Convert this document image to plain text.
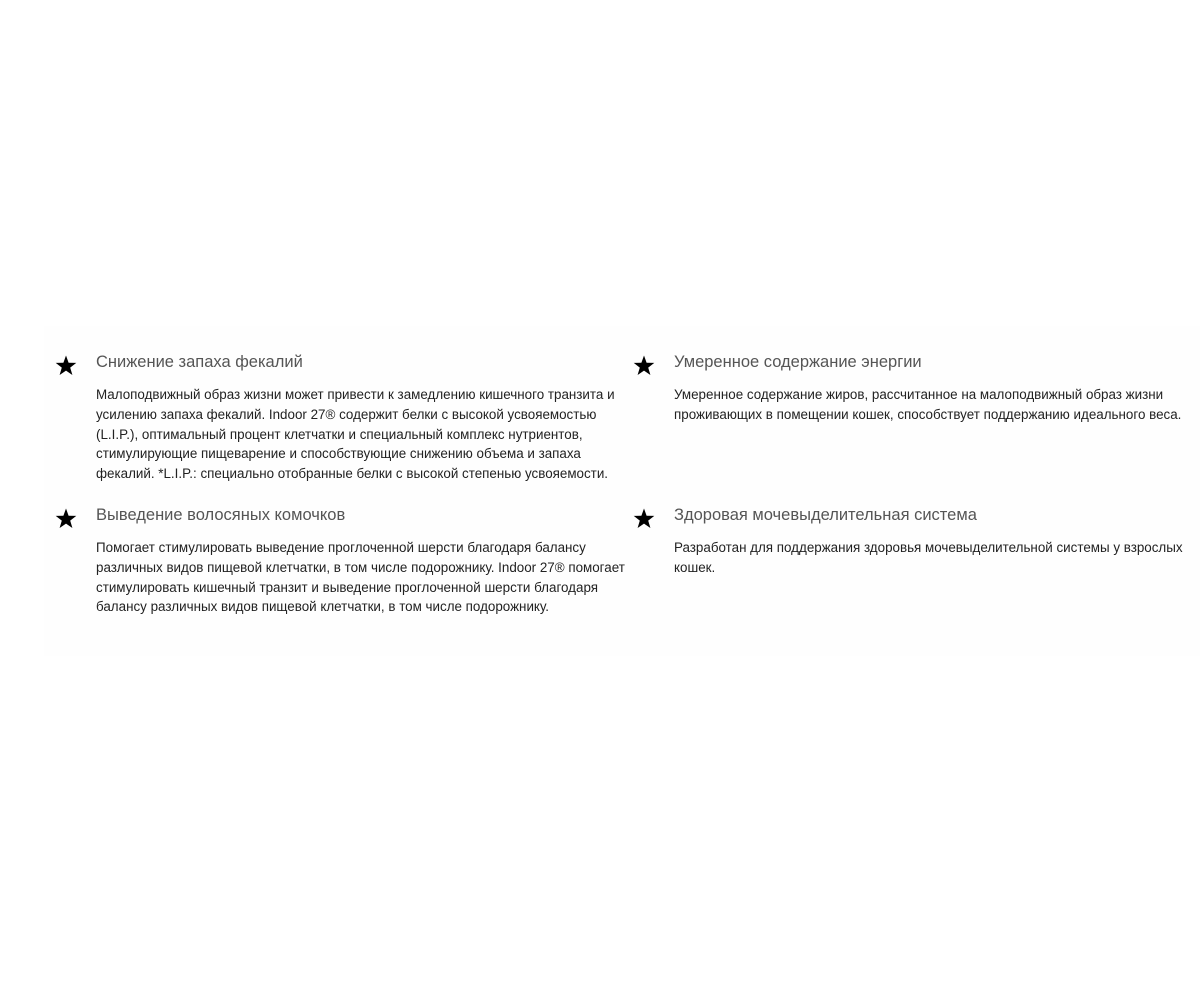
Снижение запаха фекалий

Малоподвижный образ жизни может привести к замедлению кишечного транзита и усилению запаха фекалий. Indoor 27® содержит белки с высокой усвояемостью (L.I.P.), оптимальный процент клетчатки и специальный комплекс нутриентов, стимулирующие пищеварение и способствующие снижению объема и запаха фекалий. *L.I.P.: специально отобранные белки с высокой степенью усвояемости.

Умеренное содержание энергии

Умеренное содержание жиров, рассчитанное на малоподвижный образ жизни проживающих в помещении кошек, способствует поддержанию идеального веса.

Выведение волосяных комочков

Помогает стимулировать выведение проглоченной шерсти благодаря балансу различных видов пищевой клетчатки, в том числе подорожнику. Indoor 27® помогает стимулировать кишечный транзит и выведение проглоченной шерсти благодаря балансу различных видов пищевой клетчатки, в том числе подорожнику.

Здоровая мочевыделительная система

Разработан для поддержания здоровья мочевыделительной системы у взрослых кошек.
